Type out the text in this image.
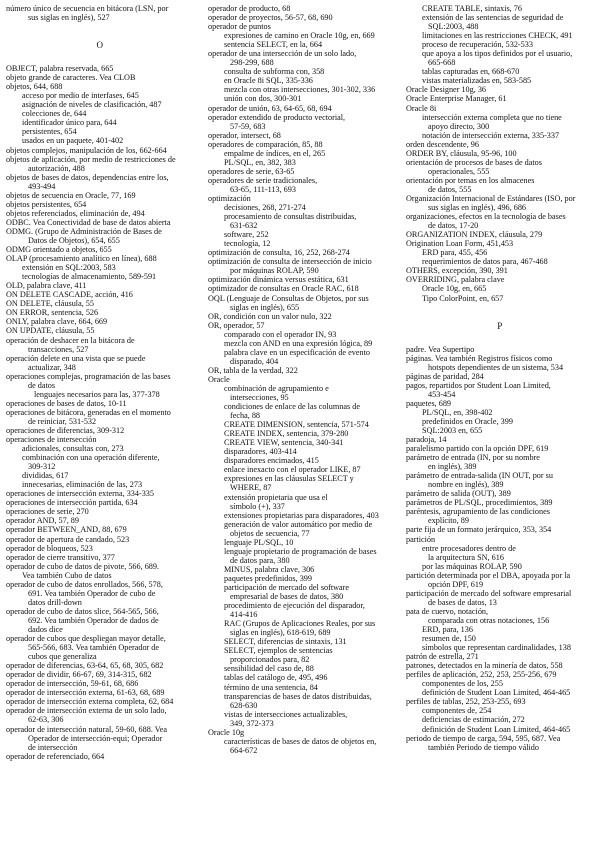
número único de secuencia en bitácora (LSN, por
sus siglas en inglés), 527
O
OBJECT, palabra reservada, 665
objeto grande de caracteres. Vea CLOB
objetos, 644, 688
acceso por medio de interfases, 645
asignación de niveles de clasificación, 487
colecciones de, 644
identificador único para, 644
persistentes, 654
usados en un paquete, 401-402
objetos complejos, manipulación de los, 662-664
objetos de aplicación, por medio de restricciones de
autorización, 488
objetos de bases de datos, dependencias entre los,
493-494
objetos de secuencia en Oracle, 77, 169
objetos persistentes, 654
objetos referenciados, eliminación de, 494
ODBC. Vea Conectividad de base de datos abierta
ODMG. (Grupo de Administración de Bases de
Datos de Objetos), 654, 655
ODMG orientado a objetos, 655
OLAP (procesamiento analítico en línea), 688
extensión en SQL:2003, 583
tecnologías de almacenamiento, 589-591
OLD, palabra clave, 411
ON DELETE CASCADE, acción, 416
ON DELETE, cláusula, 55
ON ERROR, sentencia, 526
ONLY, palabra clave, 664, 669
ON UPDATE, cláusula, 55
operación de deshacer en la bitácora de
transacciones, 527
operación delete en una vista que se puede
actualizar, 348
operaciones complejas, programación de las bases
de datos
lenguajes necesarios para las, 377-378
operaciones de bases de datos, 10-11
operaciones de bitácora, generadas en el momento
de reiniciar, 531-532
operaciones de diferencias, 309-312
operaciones de intersección
adicionales, consultas con, 273
combinación con una operación diferente,
309-312
divididas, 617
innecesarias, eliminación de las, 273
operaciones de intersección externa, 334-335
operaciones de intersección partida, 634
operaciones de serie, 270
operador AND, 57, 89
operador BETWEEN_AND, 88, 679
operador de apertura de candado, 523
operador de bloqueos, 523
operador de cierre transitivo, 377
operador de cubo de datos de pivote, 566, 689.
Vea también Cubo de datos
operador de cubo de datos enrollados, 566, 578,
691. Vea también Operador de cubo de
datos drill-down
operador de cubo de datos slice, 564-565, 566,
692. Vea también Operador de dados de
dados dice
operador de cubos que despliegan mayor detalle,
565-566, 683. Vea también Operador de
cubos que generaliza
operador de diferencias, 63-64, 65, 68, 305, 682
operador de dividir, 66-67, 69, 314-315, 682
operador de intersección, 59-61, 68, 686
operador de intersección externa, 61-63, 68, 689
operador de intersección externa completa, 62, 684
operador de intersección externa de un solo lado,
62-63, 306
operador de intersección natural, 59-60, 688. Vea
Operador de intersección-equi; Operador
de intersección
operador de referenciado, 664
operador de producto, 68
operador de proyectos, 56-57, 68, 690
operador de puntos
expresiones de camino en Oracle 10g, en, 669
sentencia SELECT, en la, 664
operador de una intersección de un solo lado,
298-299, 688
consulta de subforma con, 358
en Oracle 8i SQL, 335-336
mezcla con otras intersecciones, 301-302, 336
unión con dos, 300-301
operador de unión, 63, 64-65, 68, 694
operador extendido de producto vectorial,
57-59, 683
operador, intersect, 68
operadores de comparación, 85, 88
empalme de índices, en el, 265
PL/SQL, en, 382, 383
operadores de serie, 63-65
operadores de serie tradicionales,
63-65, 111-113, 693
optimización
decisiones, 268, 271-274
procesamiento de consultas distribuidas,
631-632
software, 252
tecnología, 12
optimización de consulta, 16, 252, 268-274
optimización de consulta de intersección de inicio
por máquinas ROLAP, 590
optimización dinámica versus estática, 631
optimizador de consultas en Oracle RAC, 618
OQL (Lenguaje de Consultas de Objetos, por sus
siglas en inglés), 655
OR, condición con un valor nulo, 322
OR, operador, 57
comparado con el operador IN, 93
mezcla con AND en una expresión lógica, 89
palabra clave en un especificación de evento
disparado, 404
OR, tabla de la verdad, 322
Oracle
combinación de agrupamiento e
intersecciones, 95
condiciones de enlace de las columnas de
fecha, 88
CREATE DIMENSION, sentencia, 571-574
CREATE INDEX, sentencia, 379-280
CREATE VIEW, sentencia, 340-341
disparadores, 403-414
disparadores encimados, 415
enlace inexacto con el operador LIKE, 87
expresiones en las cláusulas SELECT y
WHERE, 87
extensión propietaria que usa el
símbolo (+), 337
extensiones propietarias para disparadores, 403
generación de valor automático por medio de
objetos de secuencia, 77
lenguaje PL/SQL, 10
lenguaje propietario de programación de bases
de datos para, 380
MINUS, palabra clave, 306
paquetes predefinidos, 399
participación de mercado del software
empresarial de bases de datos, 380
procedimiento de ejecución del disparador,
414-416
RAC (Grupos de Aplicaciones Reales, por sus
siglas en inglés), 618-619, 689
SELECT, diferencias de sintaxis, 131
SELECT, ejemplos de sentencias
proporcionados para, 82
sensibilidad del caso de, 88
tablas del catálogo de, 495, 496
término de una sentencia, 84
transparencias de bases de datos distribuidas,
628-630
vistas de intersecciones actualizables,
349, 372-373
Oracle 10g
características de bases de datos de objetos en,
664-672
CREATE TABLE, sintaxis, 76
extensión de las sentencias de seguridad de
SQL:2003, 488
limitaciones en las restricciones CHECK, 491
proceso de recuperación, 532-533
que apoya a los tipos definidos por el usuario,
665-668
tablas capturadas en, 668-670
vistas materializadas en, 583-585
Oracle Designer 10g, 36
Oracle Enterprise Manager, 61
Oracle 8i
intersección externa completa que no tiene
apoyo directo, 300
notación de intersección externa, 335-337
orden descendente, 96
ORDER BY, cláusula, 95-96, 100
orientación de procesos de bases de datos
operacionales, 555
orientación por temas en los almacenes
de datos, 555
Organización Internacional de Estándares (ISO, por
sus siglas en inglés), 496, 686
organizaciones, efectos en la tecnología de bases
de datos, 17-20
ORGANIZATION INDEX, cláusula, 279
Origination Loan Form, 451,453
ERD para, 455, 456
requerimientos de datos para, 467-468
OTHERS, excepción, 390, 391
OVERRIDING, palabra clave
Oracle 10g, en, 665
Tipo ColorPoint, en, 657
P
padre. Vea Supertipo
páginas. Vea también Registros físicos como
hotspots dependientes de un sistema, 534
páginas de paridad, 284
pagos, repartidos por Student Loan Limited,
453-454
paquetes, 689
PL/SQL, en, 398-402
predefinidos en Oracle, 399
SQL:2003 en, 655
paradoja, 14
paralelismo partido con la opción DPF, 619
parámetro de entrada (IN, por su nombre
en inglés), 389
parámetro de entrada-salida (IN OUT, por su
nombre en inglés), 389
parámetro de salida (OUT), 389
parámetros de PL/SQL, procedimientos, 389
paréntesis, agrupamiento de las condiciones
explícito, 89
parte fija de un formato jerárquico, 353, 354
partición
entre procesadores dentro de
la arquitectura SN, 616
por las máquinas ROLAP, 590
partición determinada por el DBA, apoyada por la
opción DPF, 619
participación de mercado del software empresarial
de bases de datos, 13
pata de cuervo, notación,
comparada con otras notaciones, 156
ERD, para, 136
resumen de, 150
símbolos que representan cardinalidades, 138
patrón de estrella, 271
patrones, detectados en la minería de datos, 558
perfiles de aplicación, 252, 253, 255-256, 679
componentes de los, 255
definición de Student Loan Limited, 464-465
perfiles de tablas, 252, 253-255, 693
componentes de, 254
deficiencias de estimación, 272
definición de Student Loan Limited, 464-465
periodo de tiempo de carga, 594, 595, 687. Vea
también Periodo de tiempo válido
